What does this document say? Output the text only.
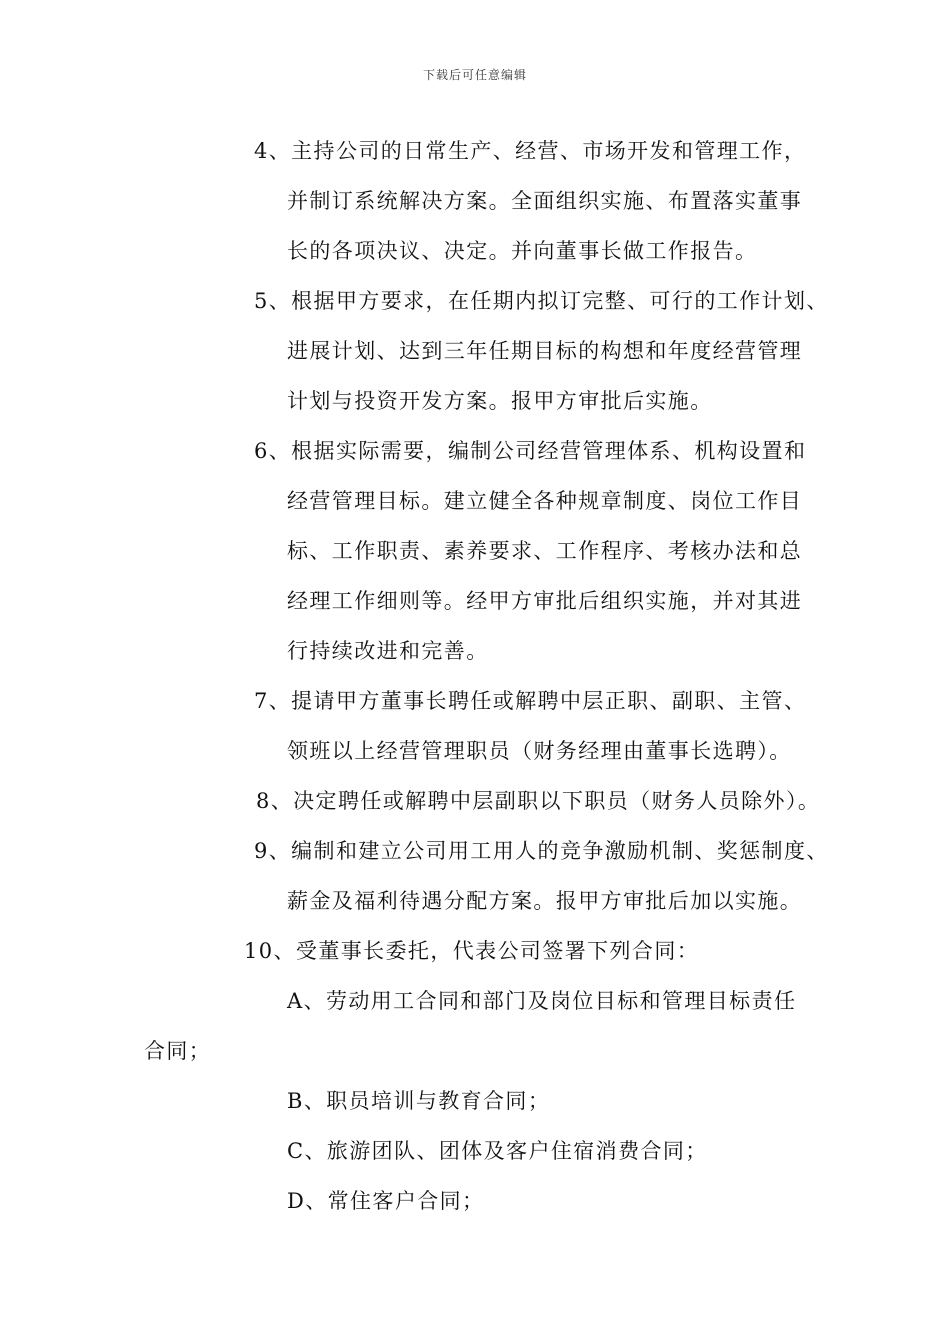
下载后可任意编辑
4、主持公司的日常生产、经营、市场开发和管理工作，
并制订系统解决方案。全面组织实施、布置落实董事
长的各项决议、决定。并向董事长做工作报告。
5、根据甲方要求，在任期内拟订完整、可行的工作计划、
进展计划、达到三年任期目标的构想和年度经营管理
计划与投资开发方案。报甲方审批后实施。
6、根据实际需要，编制公司经营管理体系、机构设置和
经营管理目标。建立健全各种规章制度、岗位工作目
标、工作职责、素养要求、工作程序、考核办法和总
经理工作细则等。经甲方审批后组织实施，并对其进
行持续改进和完善。
7、提请甲方董事长聘任或解聘中层正职、副职、主管、
领班以上经营管理职员（财务经理由董事长选聘）。
8、决定聘任或解聘中层副职以下职员（财务人员除外）。
9、编制和建立公司用工用人的竞争激励机制、奖惩制度、
薪金及福利待遇分配方案。报甲方审批后加以实施。
10、受董事长委托，代表公司签署下列合同：
A、劳动用工合同和部门及岗位目标和管理目标责任
合同；
B、职员培训与教育合同；
C、旅游团队、团体及客户住宿消费合同；
D、常住客户合同；
